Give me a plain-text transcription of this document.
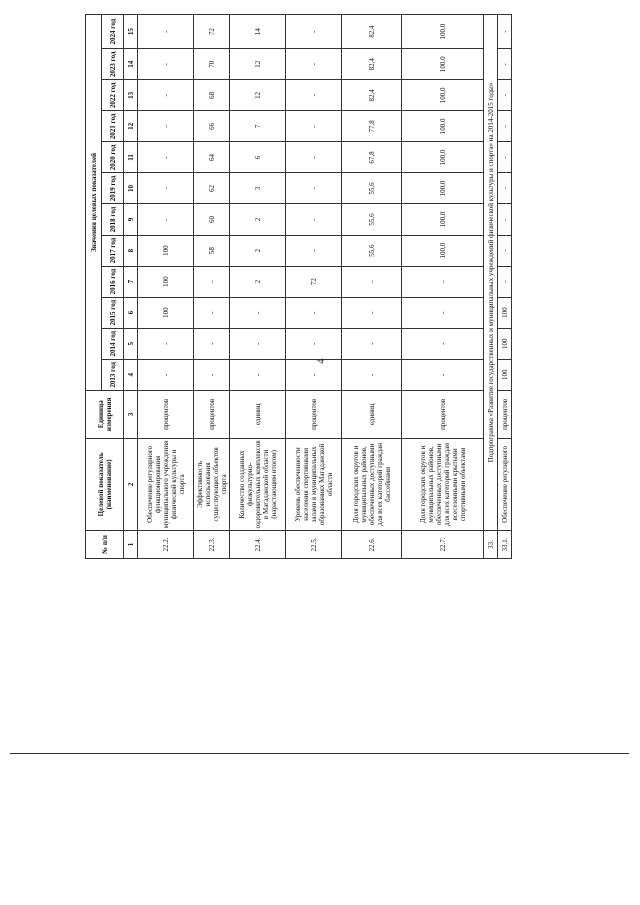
4
№ п/п	Целевой показатель (наименование)	Единица измерения	Значения целевых показателей											
			2013 год	2014 год	2015 год	2016 год	2017 год	2018 год	2019 год	2020 год	2021 год	2022 год	2023 год	2024 год
1	2	3	4	5	6	7	8	9	10	11	12	13	14	15
22.2.	Обеспечение регулярного функционирования муниципального учреждения физической культуры и спорта	процентов	-	-	100	100	100	-	-	-	-	-	-	-
22.3.	Эффективность использования существующих объектов спорта	процентов	-	-	-	-	58	60	62	64	66	68	70	72
22.4.	Количество созданных физкультурно-оздоровительных комплексов в Магаданской области (нарастающим итогом)	единиц	-	-	-	2	2	2	3	6	7	12	12	14
22.5.	Уровень обеспеченности населения спортивными залами в муниципальных образованиях Магаданской области	процентов	-	-	-	72	-	-	-	-	-	-	-	-
22.6.	Доля городских округов и муниципальных районов, обеспеченных доступными для всех категорий граждан бассейнами	единиц	-	-	-	-	55,6	55,6	55,6	67,8	77,8	82,4	82,4	82,4
22.7.	Доля городских округов и муниципальных районов, обеспеченных доступными для всех категорий граждан всесезонными крытыми спортивными объектами	процентов	-	-	-	-	100,0	100,0	100,0	100,0	100,0	100,0	100,0	100,0
33.	Подпрограмма «Развитие государственных и муниципальных учреждений физической культуры и спорта» на 2014-2015 годы»													
33.1.	Обеспечение регулярного	процентов	100	100	100	-	-	-	-	-	-	-	-	-
